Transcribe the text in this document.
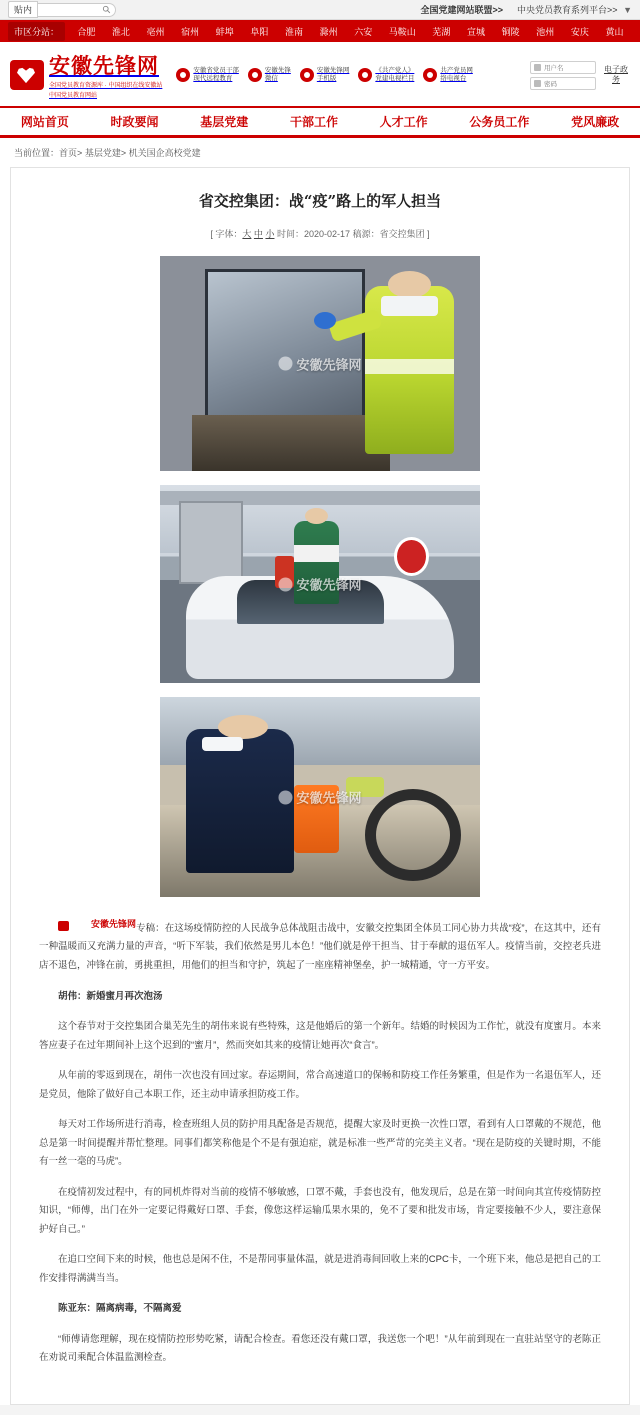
贴内	全国党建网站联盟>> 中央党员教育系列平台>> ▼
市区分站：	合肥 淮北 亳州 宿州 蚌埠 阜阳 淮南 滁州 六安 马鞍山 芜湖 宣城 铜陵 池州 安庆 黄山
安徽先锋网
全国党员教育资源库 · 中国组织在线安徽站
中国党员教育网站
安徽省党员干部
现代远程教育
安徽先锋
微信
安徽先锋网
手机版
《共产党人》
党建电视栏目
共产党员网
络电视台
用户名
密码
电子政务
网站首页	时政要闻	基层党建	干部工作	人才工作	公务员工作	党风廉政
当前位置：首页> 基层党建> 机关国企高校党建
省交控集团：战“疫”路上的军人担当
[ 字体：大 中 小 时间：2020-02-17 稿源：省交控集团 ]
安徽先锋网
安徽先锋网
安徽先锋网

安徽先锋网 专稿：在这场疫情防控的人民战争总体战阻击战中，安徽交控集团全体员工同心协力共战“疫”，在这其中，还有一种温暖而又充满力量的声音，“听下军装，我们依然是男儿本色！”他们就是停干担当、甘于奉献的退伍军人。疫情当前，交控老兵进店不退色，冲锋在前，勇挑重担，用他们的担当和守护，筑起了一座座精神堡垒，护一城精通，守一方平安。

胡伟：新婚蜜月再次泡汤

这个春节对于交控集团合巢芜先生的胡伟来说有些特殊，这是他婚后的第一个新年。结婚的时候因为工作忙，就没有度蜜月。本来答应妻子在过年期间补上这个迟到的“蜜月”，然而突如其来的疫情让她再次“食言”。

从年前的零返到现在，胡伟一次也没有回过家。春运期间，常合高速道口的保畅和防疫工作任务繁重，但是作为一名退伍军人，还是党员，他除了做好自己本职工作，还主动申请承担防疫工作。

每天对工作场所进行消毒，检查班组人员的防护用具配备是否规范，提醒大家及时更换一次性口罩，看到有人口罩戴的不规范，他总是第一时间提醒并帮忙整理。同事们都笑称他是个不是有强迫症，就是标准一些严苛的完美主义者。“现在是防疫的关键时期，不能有一丝一毫的马虎”。

在疫情初发过程中，有的同机炸得对当前的疫情不够敏感，口罩不戴，手套也没有，他发现后，总是在第一时间向其宣传疫情防控知识，“师傅，出门在外一定要记得戴好口罩、手套，像您这样运输瓜果水果的，免不了要和批发市场，肯定要接触不少人，要注意保护好自己。”

在追口空间下来的时候，他也总是闲不住，不是帮同事量体温，就是进消毒间回收上来的CPC卡，一个班下来，他总是把自己的工作安排得满满当当。

陈亚东：隔离病毒，不隔离爱

“师傅请您理解，现在疫情防控形势吃紧，请配合检查。看您还没有戴口罩，我送您一个吧！”从年前到现在一直驻站坚守的老陈正在劝说司乘配合体温监测检查。
